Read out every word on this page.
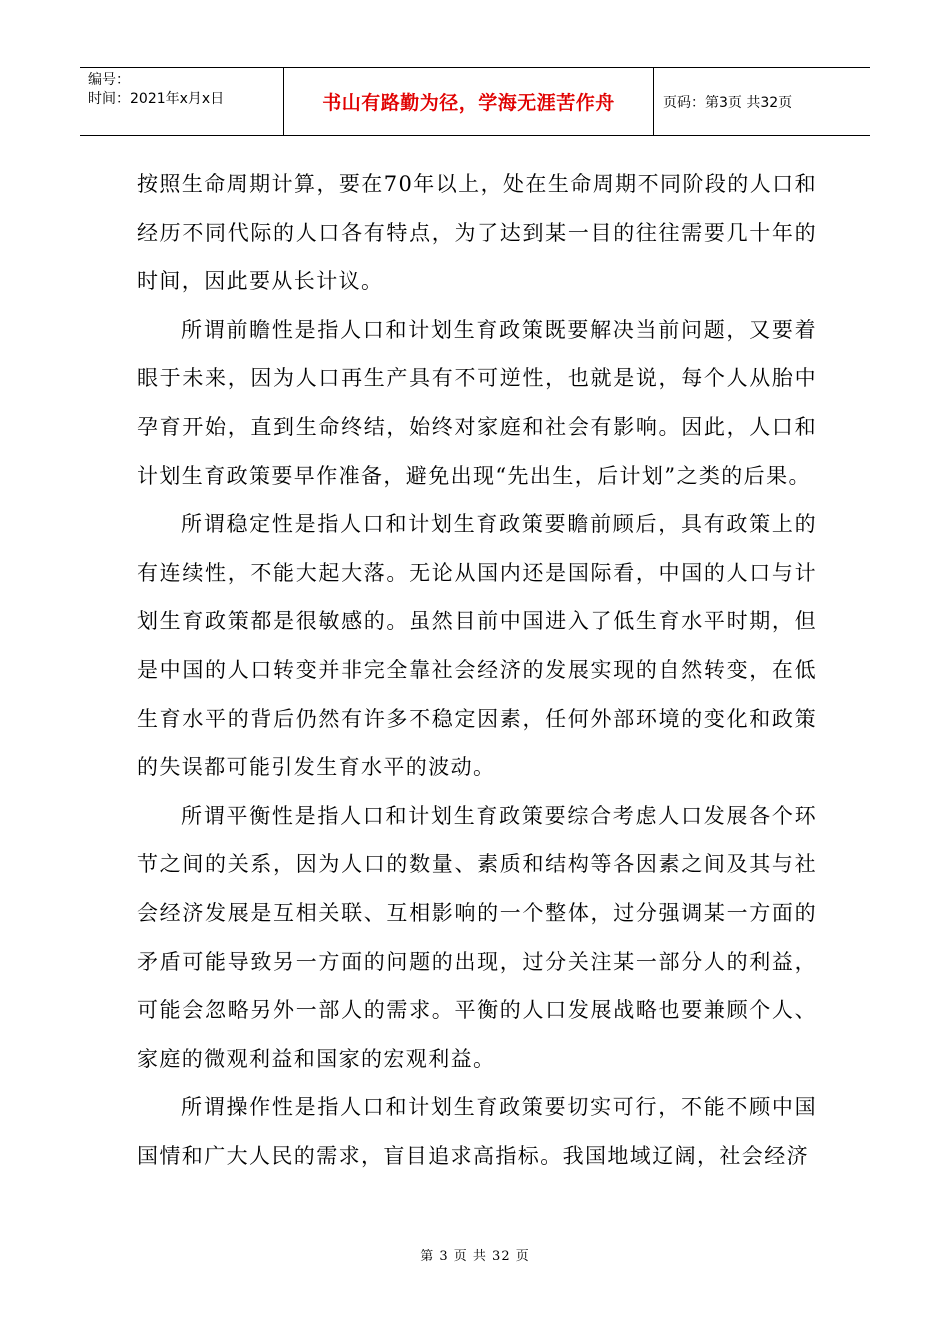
编号：
时间：2021年x月x日	书山有路勤为径，学海无涯苦作舟	页码：第3页 共32页

按照生命周期计算，要在70年以上，处在生命周期不同阶段的人口和经历不同代际的人口各有特点，为了达到某一目的往往需要几十年的时间，因此要从长计议。

所谓前瞻性是指人口和计划生育政策既要解决当前问题，又要着眼于未来，因为人口再生产具有不可逆性，也就是说，每个人从胎中孕育开始，直到生命终结，始终对家庭和社会有影响。因此，人口和计划生育政策要早作准备，避免出现“先出生，后计划”之类的后果。

所谓稳定性是指人口和计划生育政策要瞻前顾后，具有政策上的有连续性，不能大起大落。无论从国内还是国际看，中国的人口与计划生育政策都是很敏感的。虽然目前中国进入了低生育水平时期，但是中国的人口转变并非完全靠社会经济的发展实现的自然转变，在低生育水平的背后仍然有许多不稳定因素，任何外部环境的变化和政策的失误都可能引发生育水平的波动。

所谓平衡性是指人口和计划生育政策要综合考虑人口发展各个环节之间的关系，因为人口的数量、素质和结构等各因素之间及其与社会经济发展是互相关联、互相影响的一个整体，过分强调某一方面的矛盾可能导致另一方面的问题的出现，过分关注某一部分人的利益，可能会忽略另外一部人的需求。平衡的人口发展战略也要兼顾个人、家庭的微观利益和国家的宏观利益。

所谓操作性是指人口和计划生育政策要切实可行，不能不顾中国国情和广大人民的需求，盲目追求高指标。我国地域辽阔，社会经济

第 3 页 共 32 页
